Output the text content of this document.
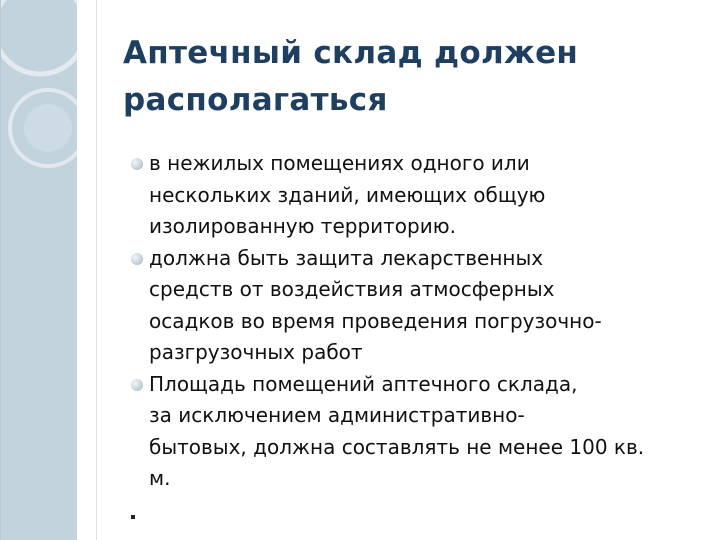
Аптечный склад должен
располагаться
в нежилых помещениях одного или
нескольких зданий, имеющих общую
изолированную территорию.
должна быть защита лекарственных
средств от воздействия атмосферных
осадков во время проведения погрузочно-
разгрузочных работ
Площадь помещений аптечного склада,
за исключением административно-
бытовых, должна составлять не менее 100 кв.
м.
